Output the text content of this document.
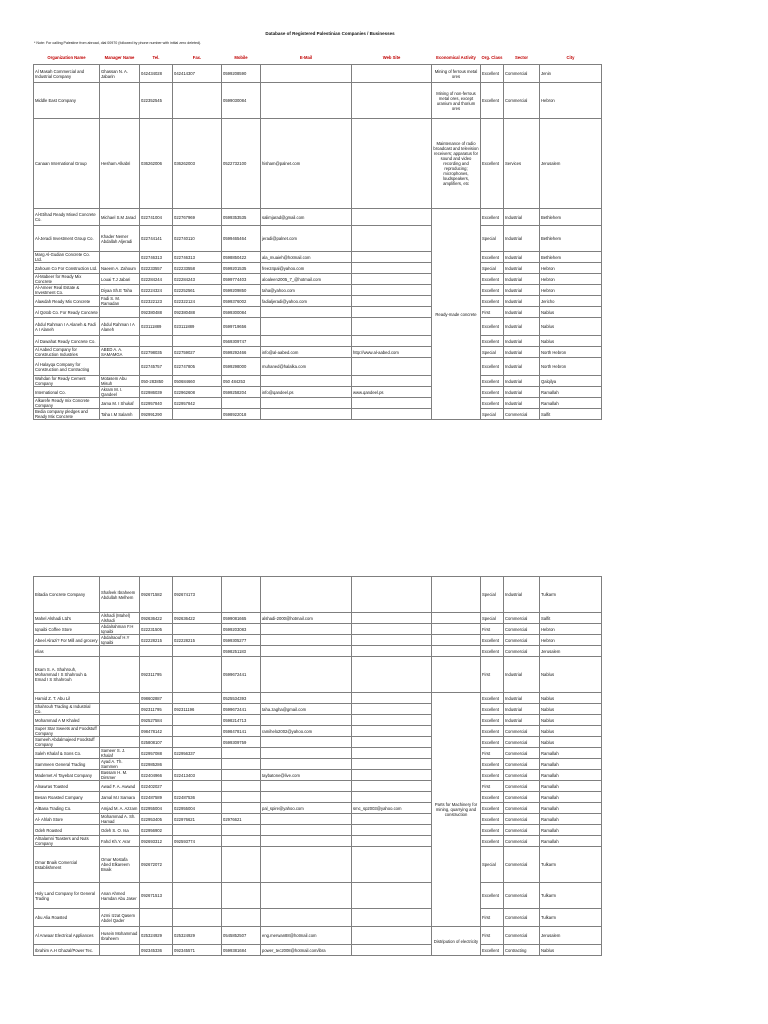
Database of Registered Palestinian Companies / Businesses
* Note: For calling Palestine from abroad, dial 00970 (followed by phone number with initial zero deleted).
Organization Name	Manager Name	Tel.	Fax.	Mobile	E-Mail	Web Site	Economical Activity	Org. Class	Sector	City
Al Masah Commercial and Industrial Company	Ghassan N. A. Jabarin	042434028	042414307	0599208590			Mining of ferrous metal ores	Excellent	Commercial	Jenin
Middle East Company		022352545		0599030084			Mining of non-ferrous metal ores, except uranium and thorium ores	Excellent	Commercial	Hebron
Canaan International Group	Hesham Alkabri	036262006	036262003	0522732100	hisham@palnet.com		Maintenance of radio broadcast and television receivers; apparatus for sound and video recording and reproducing; microphones, loudspeakers, amplifiers, etc	Excellent	Services	Jerusalem
Al-Etihad Ready Mixed Concrete Co.	Michael S.M Jarad	022741004	022767969	0599353535	salimjarad@gmail.com		Ready-made concrete	Excellent	Industrial	Bethlehem
Al-Jeradi Investment Group Co.	Khader Nemer Abdallah Aljeradi	022744141	022740110	0599465464	jeradi@palnet.com			Special	Industrial	Bethlehem
Marg Al-Gudian Concrete Co. Ltd.		022746313	022746313	0598850422	ala_muaieh@hotmail.com			Excellent	Industrial	Bethlehem
Zahoum Co For Construction Ltd.	Naeem A. Zahoum	022233557	022233558	0599201535	free24pal@yahoo.com			Special	Industrial	Hebron
Al-Mabeer for Ready Mix Concrete	Louai T.J Jabari	022284244	022284243	0599774403	aloaleen2005_7_@hotmail.com			Excellent	Industrial	Hebron
Al-Ameer Real Estate & Investment Co.	Diyaa Sh.E Taha	022224324	022252561	0599209850	taha@yahoo.com			Excellent	Industrial	Hebron
Alawdah Ready Mix Concrete	Fadi S. M. Ramadan	022322123	022322124	0599376002	fadialjeradi@yahoo.com			Excellent	Industrial	Jericho
Al Qotob Co. For Ready Concrete		092380488	092380488	0599300084				First	Industrial	Nablus
Abdul Rahman I A Alaneh & Fadi A I Alaneh	Abdul Rahman I A Alaneh	023111889	023111889	0599719656				Excellent	Industrial	Nablus
Al Dawahat Ready Concrete Co.				0569309747				Excellent	Industrial	Nablus
Al Aabed Company for Construction Industries	ABED A. A. SAMAMGA	022798035	022759027	0599292466	info@al-aabed.com	http://www.al-aabed.com		Special	Industrial	North Hebron
Al Halayqa Company for Construction and Contracting		022745757	022747805	0599298000	muhaned@halalka.com			Excellent	Industrial	North Hebron
Wahdan for Ready Cement Company	Motasem Abu Misuh	050-283850	050684660	050 484253				Excellent	Industrial	Qalqilya
International Co.	Akram M. I. Qandeel	022986039	022962608	0599258204	info@qandeel.ps	www.qandeel.ps		Excellent	Industrial	Ramallah
Alkarefe Ready mix Concrete Company	Jama M. I Shukaf	022957840	022957842					Excellent	Industrial	Ramallah
Bedia company pledges and Ready Mix Concrete	Taha I.M Salamh	092991290		0598922018				Special	Commercial	Salfit
Bitadia Concrete Company	Shafeek Ibraheem Abdullah Melhem	092671582	092674173					Special	Industrial	Tulkarm
Mahel Alshadi Ltd's	Alshadi (Mahel) Alshadi	092636422	092636422	0599081665	alshadi-2000@hotmail.com			Special	Commercial	Salfit
Iqnaibi Coffee Store	Abdalrahman F.H Iqnaibi	022231505		0599203083				First	Commercial	Hebron
Abeel Alrazi? For Mill and grocery	Abdalraouf H.Y Iqnaibi	022228215	022228215	0599305277				Excellent	Commercial	Hebron
elias				0598251183				Excellent	Commercial	Jerusalem
Esam S. A. Shahrouh, Mohammad I S Shahrouh & Emad I S Shahrouh		092311795		0599672441				First	Industrial	Nablus
Hamid Z. T. Abu Lil		098602887		0525534393			Parts for Machinery for mining, quarrying and construction	Excellent	Industrial	Nablus
Shahrouh Trading & Industrial Co.		092311795	092311196	0599672441	taha.zagha@gmail.com			Excellent	Industrial	Nablus
Mohammad A M Khaled		092527584		0598214713				Excellent	Industrial	Nablus
Super Star Sweets and Foodstuff Company		098478142		0598478141	ramihelo2002@yahoo.com			Excellent	Commercial	Nablus
Sameeh Abdalmajeed Foodstuff Company		025808107		0599309759				Excellent	Commercial	Nablus
Saleh Khalaf & Sons Co.	Sameer S. J. Khalaf	022957088	022956337					First	Commercial	Ramallah
Sammeen General Trading	Ayad A. Th. Sammen	022985286						Excellent	Commercial	Ramallah
Mademet Al Tayebat Company	Bassam H. M. Dirsmer	022404966	022413403		taybatone@live.com			Excellent	Commercial	Ramallah
Alnawras Toasted	Awad F. A. Awwad	022402027						First	Commercial	Ramallah
Besan Roasted Company	Jamal M.I Samara	022487589	022487536					Excellent	Commercial	Ramallah
AlBana Trading Co.	Amjad M. A. Azzam	022955004	022955004		pal_spire@yahoo.com	smc_sp2003@yahoo.com		Excellent	Commercial	Ramallah
Al- Ahlah Store	Mohammad A. Sh. Hamad	022953405	022976621	02976621				Excellent	Commercial	Ramallah
Odeh Roasted	Odeh S. O. Isa	022956902						Excellent	Commercial	Ramallah
AlSalamni Toasters and Nuts Company	Fahd Kh.Y. Arar	092693312	092593774					Excellent	Commercial	Ramallah
Omar Bnaik Comercial Establishment	Omar Mostafa Abed Elkareem Bnaik	092672072						Special	Commercial	Tulkarm
Holy Land Company for General Trading	Anan Ahmed Hamdan Abu Jaser	092671513						Excellent	Commercial	Tulkarm
Abu Alia Roasted	Azmi Izzat Qasem Abdel Qader							First	Commercial	Tulkarm
Al Anwaar Electrical Appliances	Husein Mohammad Ibraheem	025324929	025324929	0545852507	eng.merwan88@hotmail.com		Distripution of electricity	First	Commercial	Jerusalem
Ibrahim A.H Ghazal/Power Tec.		092345336	092345571	0599381684	power_tec2008@hotmail.com/ibra			Excellent	Contracting	Nablus
